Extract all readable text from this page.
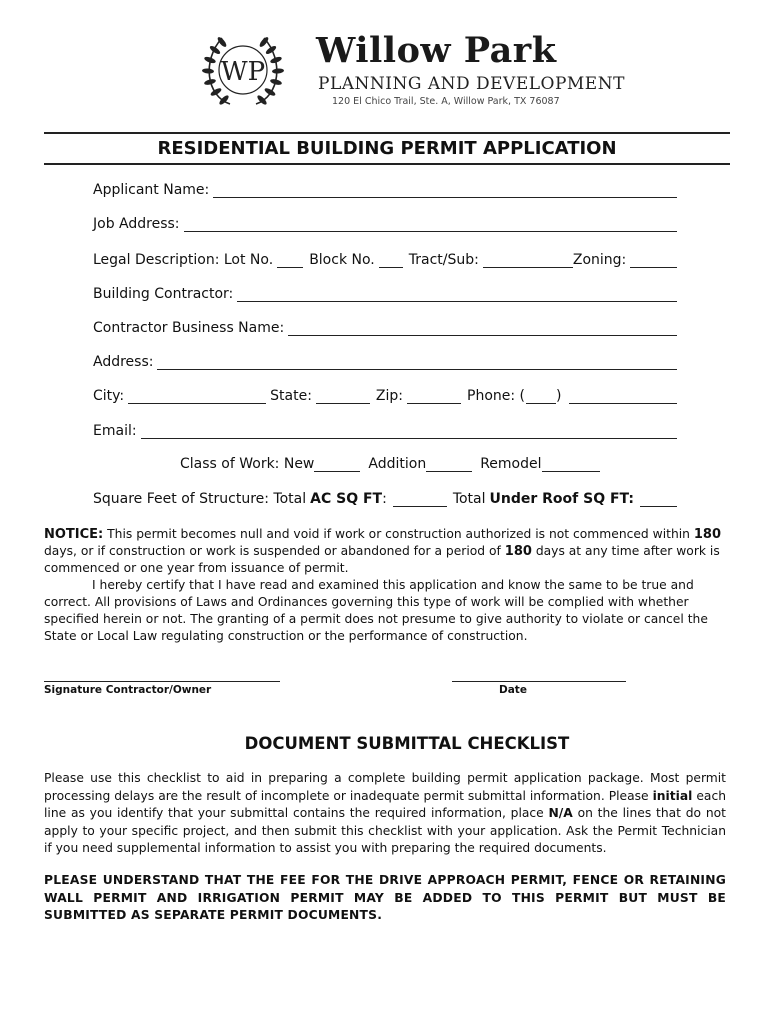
WP
Willow Park
PLANNING AND DEVELOPMENT
120 El Chico Trail, Ste. A, Willow Park, TX 76087
RESIDENTIAL BUILDING PERMIT APPLICATION
Applicant Name:
Job Address:
Legal Description: Lot No.	Block No. Tract/Sub:	Zoning:
Building Contractor:
Contractor Business Name:
Address:
City:	State:	Zip:	Phone: ( )
Email:
Class of Work: New	Addition	Remodel
Square Feet of Structure: Total AC SQ FT :	Total Under Roof SQ FT:
NOTICE: This permit becomes null and void if work or construction authorized is not commenced within 180 days, or if construction or work is suspended or abandoned for a period of 180 days at any time after work is commenced or one year from issuance of permit.
I hereby certify that I have read and examined this application and know the same to be true and correct. All provisions of Laws and Ordinances governing this type of work will be complied with whether specified herein or not. The granting of a permit does not presume to give authority to violate or cancel the State or Local Law regulating construction or the performance of construction.
Signature Contractor/Owner	Date
DOCUMENT SUBMITTAL CHECKLIST
Please use this checklist to aid in preparing a complete building permit application package. Most permit processing delays are the result of incomplete or inadequate permit submittal information. Please initial each line as you identify that your submittal contains the required information, place N/A on the lines that do not apply to your specific project, and then submit this checklist with your application. Ask the Permit Technician if you need supplemental information to assist you with preparing the required documents.
PLEASE UNDERSTAND THAT THE FEE FOR THE DRIVE APPROACH PERMIT, FENCE OR RETAINING WALL PERMIT AND IRRIGATION PERMIT MAY BE ADDED TO THIS PERMIT BUT MUST BE SUBMITTED AS SEPARATE PERMIT DOCUMENTS.
